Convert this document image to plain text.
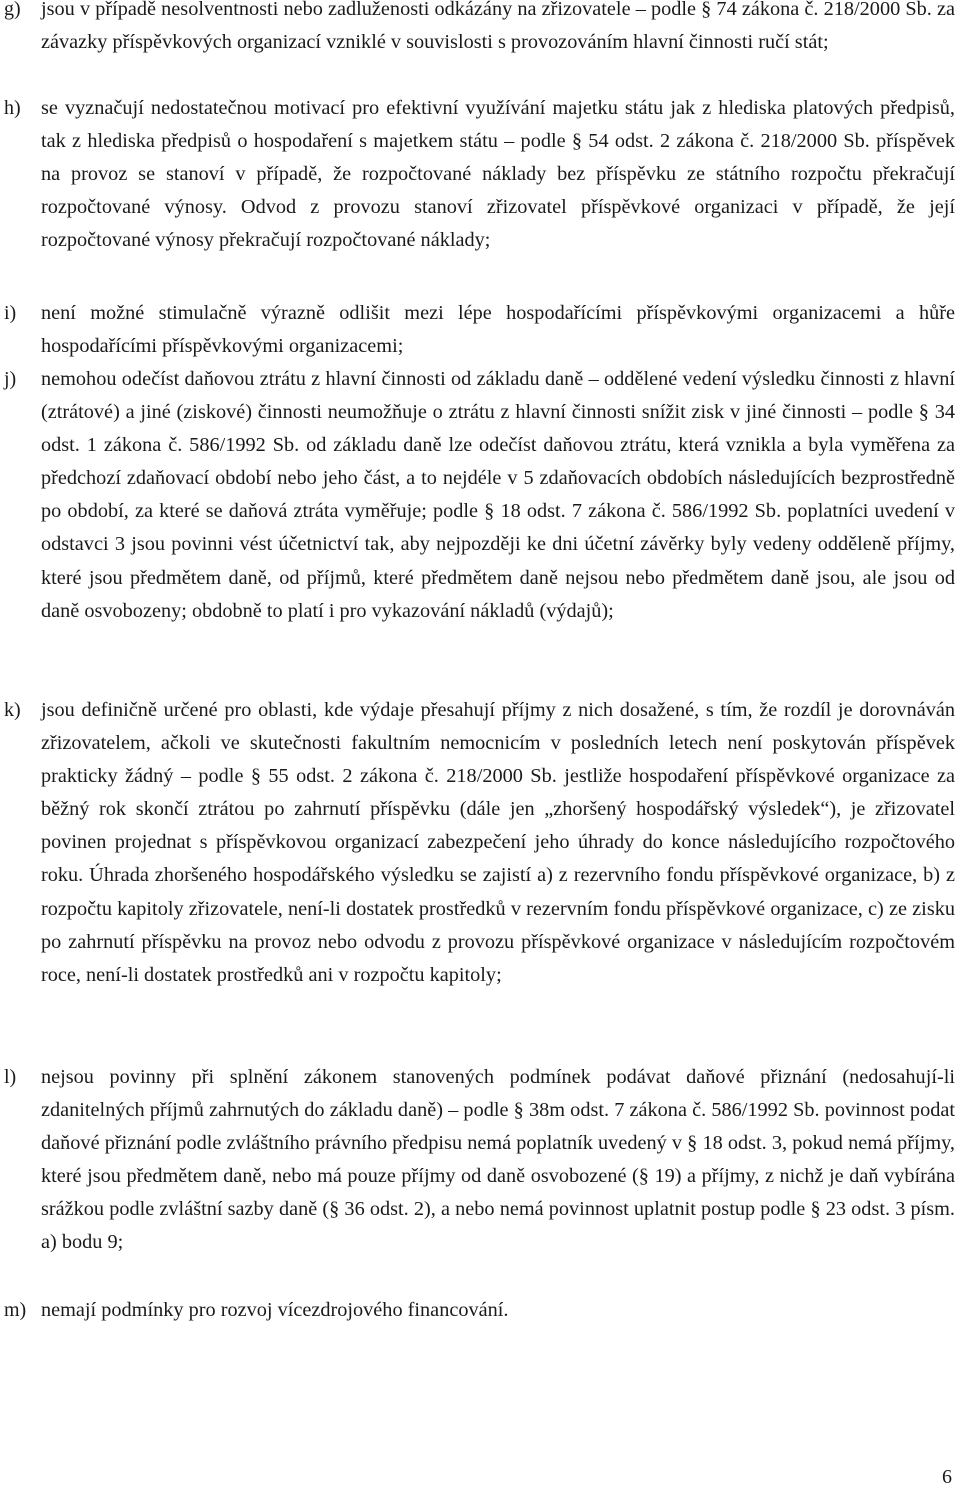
g) jsou v případě nesolventnosti nebo zadluženosti odkázány na zřizovatele – podle § 74 zákona č. 218/2000 Sb. za závazky příspěvkových organizací vzniklé v souvislosti s provozováním hlavní činnosti ručí stát;

h) se vyznačují nedostatečnou motivací pro efektivní využívání majetku státu jak z hlediska platových předpisů, tak z hlediska předpisů o hospodaření s majetkem státu – podle § 54 odst. 2 zákona č. 218/2000 Sb. příspěvek na provoz se stanoví v případě, že rozpočtované náklady bez příspěvku ze státního rozpočtu překračují rozpočtované výnosy. Odvod z provozu stanoví zřizovatel příspěvkové organizaci v případě, že její rozpočtované výnosy překračují rozpočtované náklady;

i) není možné stimulačně výrazně odlišit mezi lépe hospodařícími příspěvkovými organizacemi a hůře hospodařícími příspěvkovými organizacemi;

j) nemohou odečíst daňovou ztrátu z hlavní činnosti od základu daně – oddělené vedení výsledku činnosti z hlavní (ztrátové) a jiné (ziskové) činnosti neumožňuje o ztrátu z hlavní činnosti snížit zisk v jiné činnosti – podle § 34 odst. 1 zákona č. 586/1992 Sb. od základu daně lze odečíst daňovou ztrátu, která vznikla a byla vyměřena za předchozí zdaňovací období nebo jeho část, a to nejdéle v 5 zdaňovacích obdobích následujících bezprostředně po období, za které se daňová ztráta vyměřuje; podle § 18 odst. 7 zákona č. 586/1992 Sb. poplatníci uvedení v odstavci 3 jsou povinni vést účetnictví tak, aby nejpozději ke dni účetní závěrky byly vedeny odděleně příjmy, které jsou předmětem daně, od příjmů, které předmětem daně nejsou nebo předmětem daně jsou, ale jsou od daně osvobozeny; obdobně to platí i pro vykazování nákladů (výdajů);

k) jsou definičně určené pro oblasti, kde výdaje přesahují příjmy z nich dosažené, s tím, že rozdíl je dorovnáván zřizovatelem, ačkoli ve skutečnosti fakultním nemocnicím v posledních letech není poskytován příspěvek prakticky žádný – podle § 55 odst. 2 zákona č. 218/2000 Sb. jestliže hospodaření příspěvkové organizace za běžný rok skončí ztrátou po zahrnutí příspěvku (dále jen „zhoršený hospodářský výsledek“), je zřizovatel povinen projednat s příspěvkovou organizací zabezpečení jeho úhrady do konce následujícího rozpočtového roku. Úhrada zhoršeného hospodářského výsledku se zajistí a) z rezervního fondu příspěvkové organizace, b) z rozpočtu kapitoly zřizovatele, není-li dostatek prostředků v rezervním fondu příspěvkové organizace, c) ze zisku po zahrnutí příspěvku na provoz nebo odvodu z provozu příspěvkové organizace v následujícím rozpočtovém roce, není-li dostatek prostředků ani v rozpočtu kapitoly;

l) nejsou povinny při splnění zákonem stanovených podmínek podávat daňové přiznání (nedosahují-li zdanitelných příjmů zahrnutých do základu daně) – podle § 38m odst. 7 zákona č. 586/1992 Sb. povinnost podat daňové přiznání podle zvláštního právního předpisu nemá poplatník uvedený v § 18 odst. 3, pokud nemá příjmy, které jsou předmětem daně, nebo má pouze příjmy od daně osvobozené (§ 19) a příjmy, z nichž je daň vybírána srážkou podle zvláštní sazby daně (§ 36 odst. 2), a nebo nemá povinnost uplatnit postup podle § 23 odst. 3 písm. a) bodu 9;

m) nemají podmínky pro rozvoj vícezdrojového financování.

6
